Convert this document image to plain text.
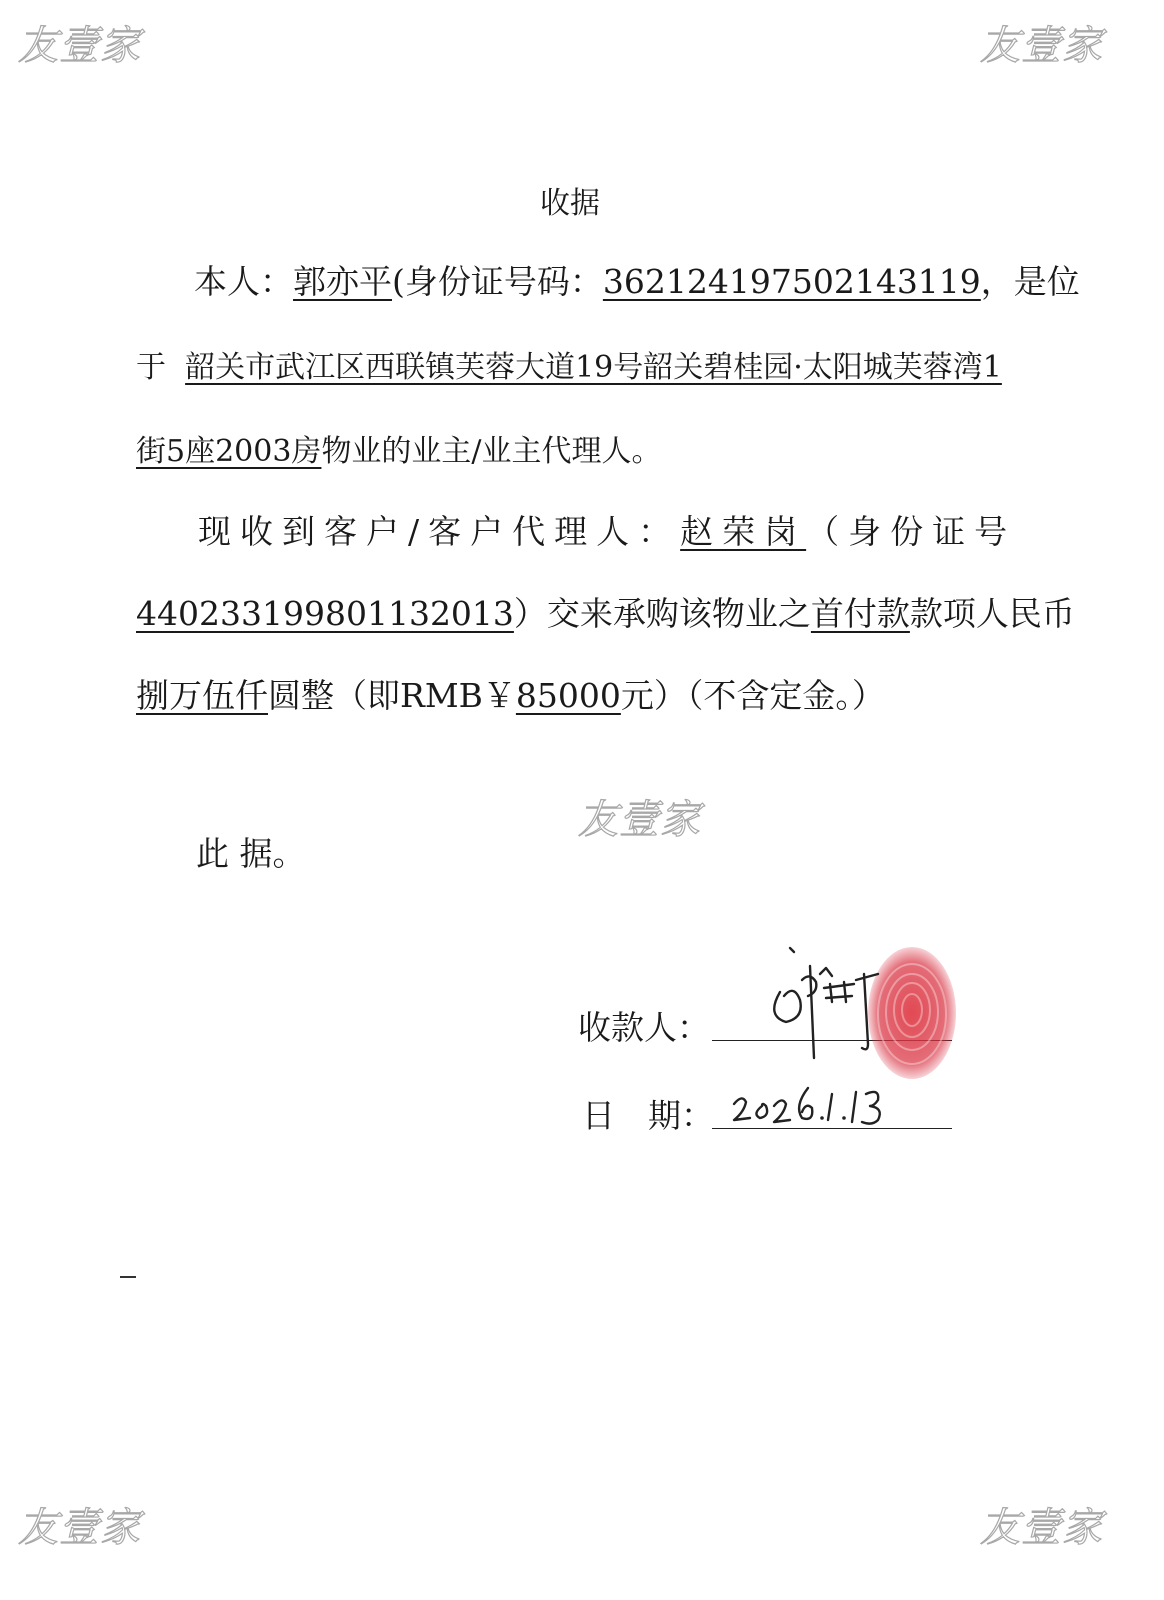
友壹家	友壹家
友壹家
友壹家	友壹家
收据
本人：郭亦平(身份证号码：362124197502143119，是位
于 韶关市武江区西联镇芙蓉大道19号韶关碧桂园·太阳城芙蓉湾1
街5座2003房物业的业主/业主代理人。
现收到客户/客户代理人：赵荣岗（身份证号
440233199801132013）交来承购该物业之首付款款项人民币
捌万伍仟圆整（即RMB￥85000元）（不含定金。）
此 据。
收款人：
日　期：
